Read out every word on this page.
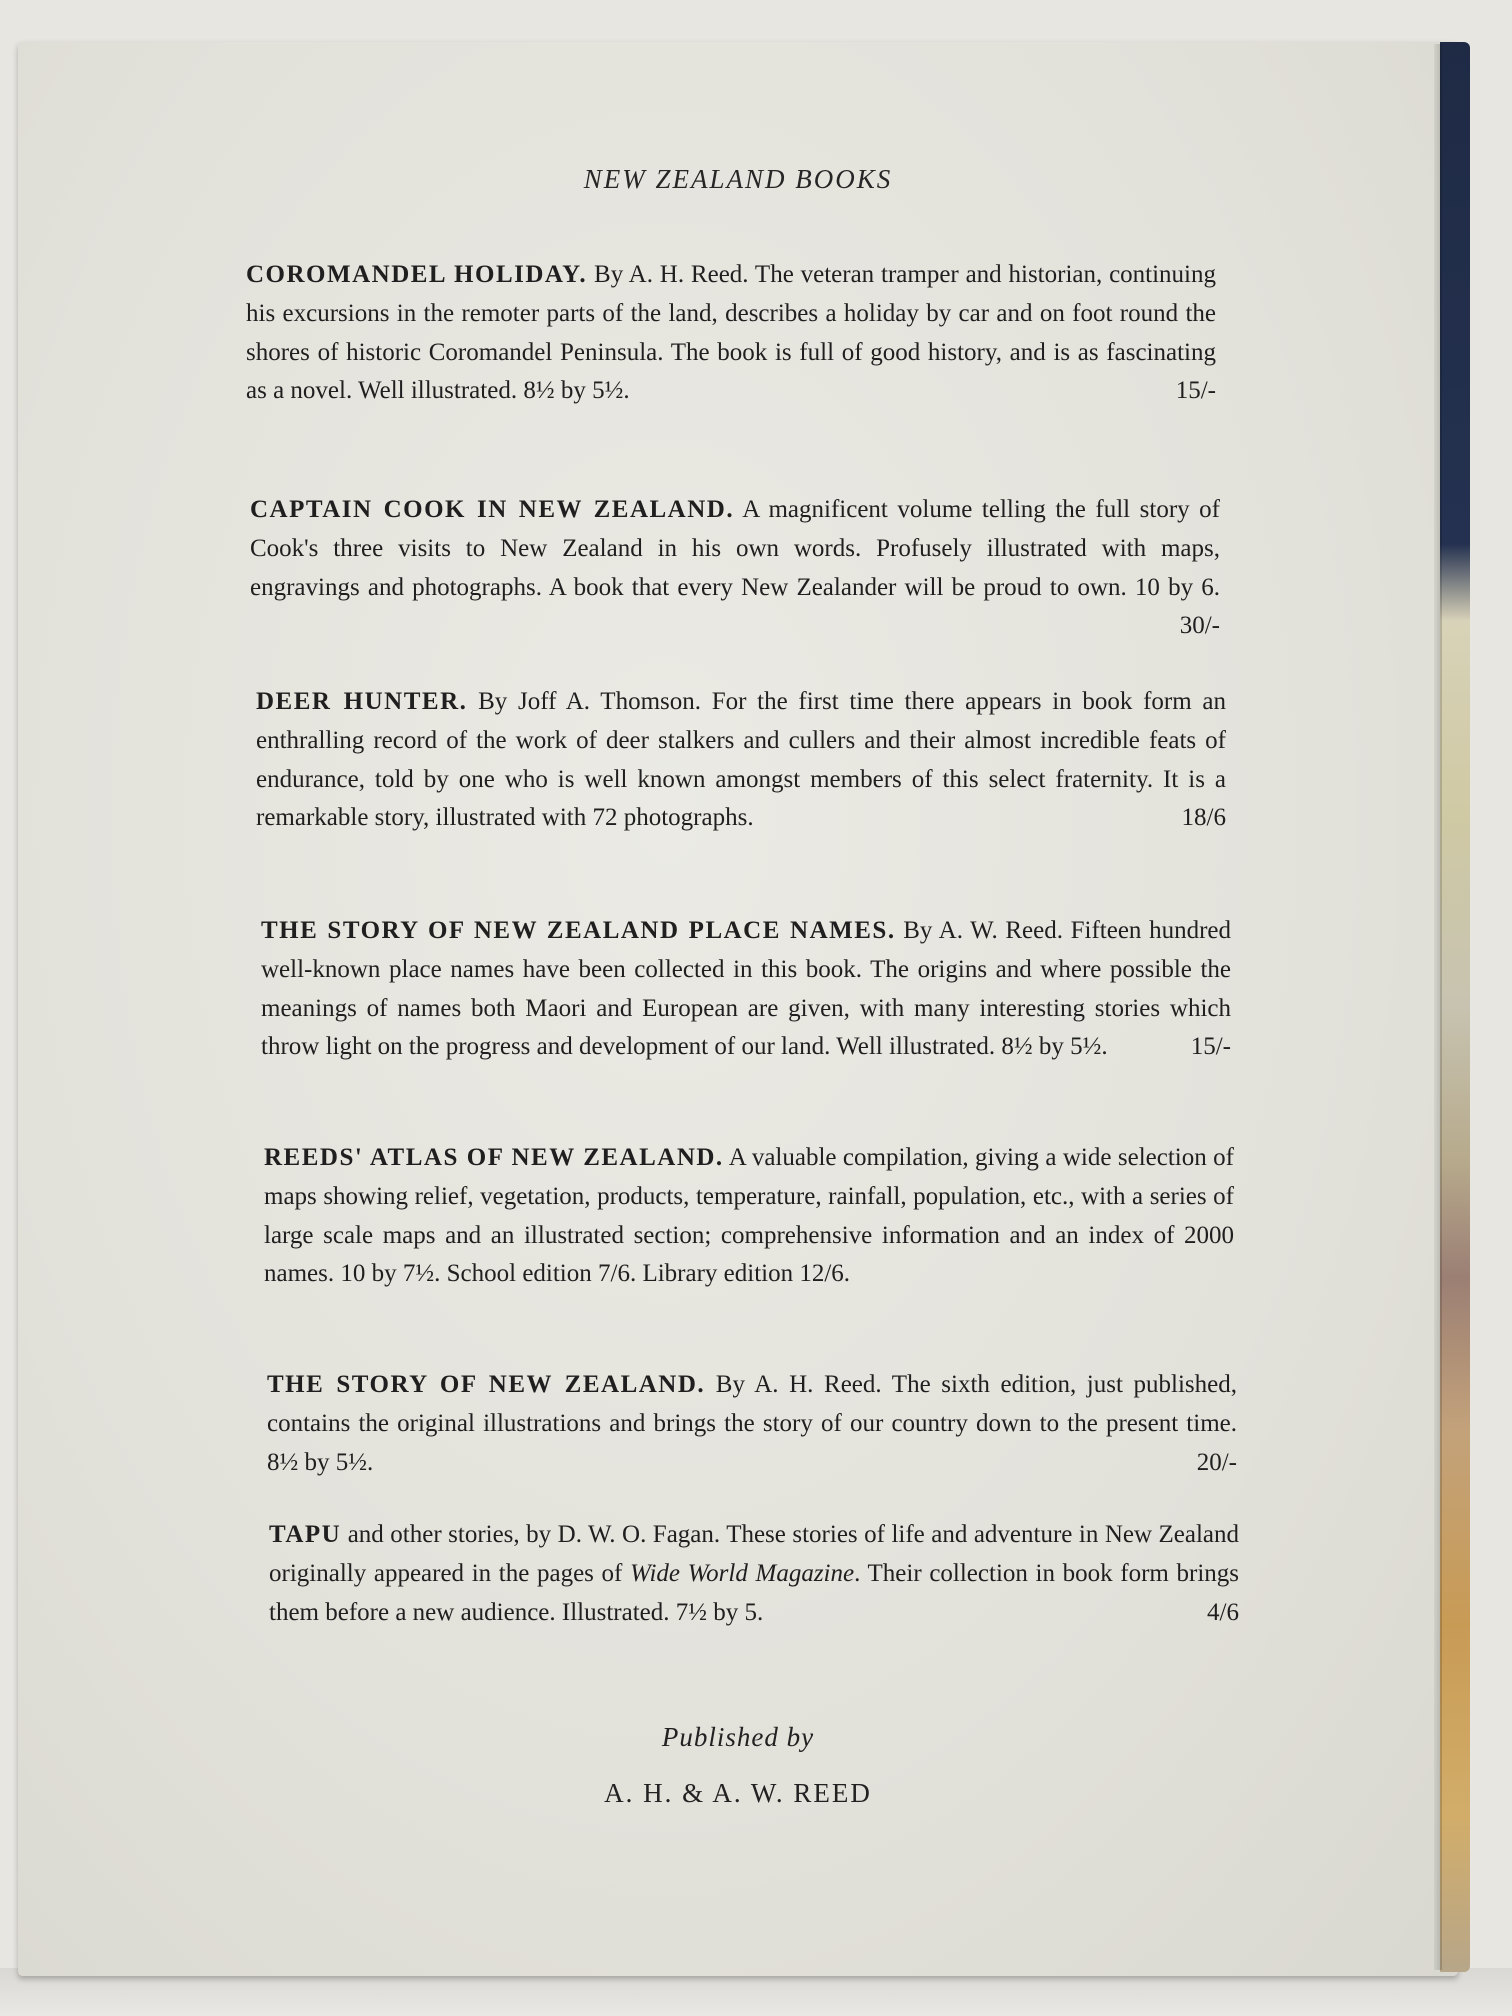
NEW ZEALAND BOOKS
15/-
COROMANDEL HOLIDAY. By A. H. Reed. The veteran tramper and historian, continuing his excursions in the remoter parts of the land, describes a holiday by car and on foot round the shores of historic Coromandel Peninsula. The book is full of good history, and is as fascinating as a novel. Well illustrated. 8½ by 5½.
30/-
CAPTAIN COOK IN NEW ZEALAND. A magnificent volume telling the full story of Cook's three visits to New Zealand in his own words. Profusely illustrated with maps, engravings and photographs. A book that every New Zealander will be proud to own. 10 by 6.
18/6
DEER HUNTER. By Joff A. Thomson. For the first time there appears in book form an enthralling record of the work of deer stalkers and cullers and their almost incredible feats of endurance, told by one who is well known amongst members of this select fraternity. It is a remarkable story, illustrated with 72 photographs.
15/-
THE STORY OF NEW ZEALAND PLACE NAMES. By A. W. Reed. Fifteen hundred well-known place names have been collected in this book. The origins and where possible the meanings of names both Maori and European are given, with many interesting stories which throw light on the progress and development of our land. Well illustrated. 8½ by 5½.
REEDS' ATLAS OF NEW ZEALAND. A valuable compilation, giving a wide selection of maps showing relief, vegetation, products, temperature, rainfall, population, etc., with a series of large scale maps and an illustrated section; comprehensive information and an index of 2000 names. 10 by 7½. School edition 7/6. Library edition 12/6.
20/-
THE STORY OF NEW ZEALAND. By A. H. Reed. The sixth edition, just published, contains the original illustrations and brings the story of our country down to the present time. 8½ by 5½.
4/6
TAPU and other stories, by D. W. O. Fagan. These stories of life and adventure in New Zealand originally appeared in the pages of Wide World Magazine. Their collection in book form brings them before a new audience. Illustrated. 7½ by 5.
Published by
A. H. & A. W. REED
